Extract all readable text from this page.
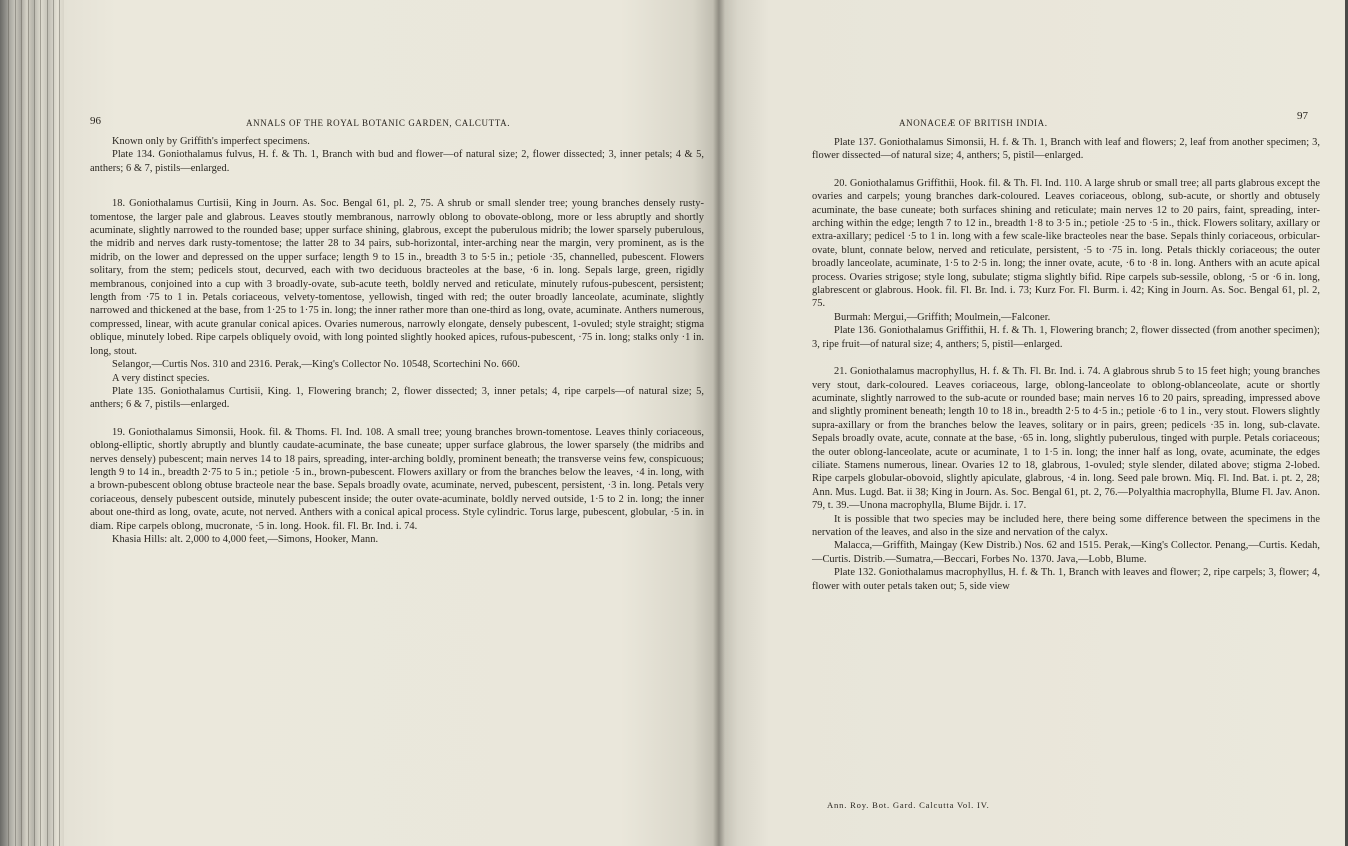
96	ANNALS OF THE ROYAL BOTANIC GARDEN, CALCUTTA.

Known only by Griffith's imperfect specimens.

Plate 134. Goniothalamus fulvus, H. f. & Th. 1, Branch with bud and flower—of natural size; 2, flower dissected; 3, inner petals; 4 & 5, anthers; 6 & 7, pistils—enlarged.

18. Goniothalamus Curtisii, King in Journ. As. Soc. Bengal 61, pl. 2, 75. A shrub or small slender tree; young branches densely rusty-tomentose, the larger pale and glabrous. Leaves stoutly membranous, narrowly oblong to obovate-oblong, more or less abruptly and shortly acuminate, slightly narrowed to the rounded base; upper surface shining, glabrous, except the puberulous midrib; the lower sparsely puberulous, the midrib and nerves dark rusty-tomentose; the latter 28 to 34 pairs, sub-horizontal, inter-arching near the margin, very prominent, as is the midrib, on the lower and depressed on the upper surface; length 9 to 15 in., breadth 3 to 5·5 in.; petiole ·35, channelled, pubescent. Flowers solitary, from the stem; pedicels stout, decurved, each with two deciduous bracteoles at the base, ·6 in. long. Sepals large, green, rigidly membranous, conjoined into a cup with 3 broadly-ovate, sub-acute teeth, boldly nerved and reticulate, minutely rufous-pubescent, persistent; length from ·75 to 1 in. Petals coriaceous, velvety-tomentose, yellowish, tinged with red; the outer broadly lanceolate, acuminate, slightly narrowed and thickened at the base, from 1·25 to 1·75 in. long; the inner rather more than one-third as long, ovate, acuminate. Anthers numerous, compressed, linear, with acute granular conical apices. Ovaries numerous, narrowly elongate, densely pubescent, 1-ovuled; style straight; stigma oblique, minutely lobed. Ripe carpels obliquely ovoid, with long pointed slightly hooked apices, rufous-pubescent, ·75 in. long; stalks only ·1 in. long, stout.

Selangor,—Curtis Nos. 310 and 2316. Perak,—King's Collector No. 10548, Scortechini No. 660.

A very distinct species.

Plate 135. Goniothalamus Curtisii, King. 1, Flowering branch; 2, flower dissected; 3, inner petals; 4, ripe carpels—of natural size; 5, anthers; 6 & 7, pistils—enlarged.

19. Goniothalamus Simonsii, Hook. fil. & Thoms. Fl. Ind. 108. A small tree; young branches brown-tomentose. Leaves thinly coriaceous, oblong-elliptic, shortly abruptly and bluntly caudate-acuminate, the base cuneate; upper surface glabrous, the lower sparsely (the midribs and nerves densely) pubescent; main nerves 14 to 18 pairs, spreading, inter-arching boldly, prominent beneath; the transverse veins few, conspicuous; length 9 to 14 in., breadth 2·75 to 5 in.; petiole ·5 in., brown-pubescent. Flowers axillary or from the branches below the leaves, ·4 in. long, with a brown-pubescent oblong obtuse bracteole near the base. Sepals broadly ovate, acuminate, nerved, pubescent, persistent, ·3 in. long. Petals very coriaceous, densely pubescent outside, minutely pubescent inside; the outer ovate-acuminate, boldly nerved outside, 1·5 to 2 in. long; the inner about one-third as long, ovate, acute, not nerved. Anthers with a conical apical process. Style cylindric. Torus large, pubescent, globular, ·5 in. in diam. Ripe carpels oblong, mucronate, ·5 in. long. Hook. fil. Fl. Br. Ind. i. 74.

Khasia Hills: alt. 2,000 to 4,000 feet,—Simons, Hooker, Mann.

ANONACEÆ OF BRITISH INDIA.
97

Plate 137. Goniothalamus Simonsii, H. f. & Th. 1, Branch with leaf and flowers; 2, leaf from another specimen; 3, flower dissected—of natural size; 4, anthers; 5, pistil—enlarged.

20. Goniothalamus Griffithii, Hook. fil. & Th. Fl. Ind. 110. A large shrub or small tree; all parts glabrous except the ovaries and carpels; young branches dark-coloured. Leaves coriaceous, oblong, sub-acute, or shortly and obtusely acuminate, the base cuneate; both surfaces shining and reticulate; main nerves 12 to 20 pairs, faint, spreading, inter-arching within the edge; length 7 to 12 in., breadth 1·8 to 3·5 in.; petiole ·25 to ·5 in., thick. Flowers solitary, axillary or extra-axillary; pedicel ·5 to 1 in. long with a few scale-like bracteoles near the base. Sepals thinly coriaceous, orbicular-ovate, blunt, connate below, nerved and reticulate, persistent, ·5 to ·75 in. long. Petals thickly coriaceous; the outer broadly lanceolate, acuminate, 1·5 to 2·5 in. long; the inner ovate, acute, ·6 to ·8 in. long. Anthers with an acute apical process. Ovaries strigose; style long, subulate; stigma slightly bifid. Ripe carpels sub-sessile, oblong, ·5 or ·6 in. long, glabrescent or glabrous. Hook. fil. Fl. Br. Ind. i. 73; Kurz For. Fl. Burm. i. 42; King in Journ. As. Soc. Bengal 61, pl. 2, 75.

Burmah: Mergui,—Griffith; Moulmein,—Falconer.

Plate 136. Goniothalamus Griffithii, H. f. & Th. 1, Flowering branch; 2, flower dissected (from another specimen); 3, ripe fruit—of natural size; 4, anthers; 5, pistil—enlarged.

21. Goniothalamus macrophyllus, H. f. & Th. Fl. Br. Ind. i. 74. A glabrous shrub 5 to 15 feet high; young branches very stout, dark-coloured. Leaves coriaceous, large, oblong-lanceolate to oblong-oblanceolate, acute or shortly acuminate, slightly narrowed to the sub-acute or rounded base; main nerves 16 to 20 pairs, spreading, impressed above and slightly prominent beneath; length 10 to 18 in., breadth 2·5 to 4·5 in.; petiole ·6 to 1 in., very stout. Flowers slightly supra-axillary or from the branches below the leaves, solitary or in pairs, green; pedicels ·35 in. long, sub-clavate. Sepals broadly ovate, acute, connate at the base, ·65 in. long, slightly puberulous, tinged with purple. Petals coriaceous; the outer oblong-lanceolate, acute or acuminate, 1 to 1·5 in. long; the inner half as long, ovate, acuminate, the edges ciliate. Stamens numerous, linear. Ovaries 12 to 18, glabrous, 1-ovuled; style slender, dilated above; stigma 2-lobed. Ripe carpels globular-obovoid, slightly apiculate, glabrous, ·4 in. long. Seed pale brown. Miq. Fl. Ind. Bat. i. pt. 2, 28; Ann. Mus. Lugd. Bat. ii 38; King in Journ. As. Soc. Bengal 61, pt. 2, 76.—Polyalthia macrophylla, Blume Fl. Jav. Anon. 79, t. 39.—Unona macrophylla, Blume Bijdr. i. 17.

It is possible that two species may be included here, there being some difference between the specimens in the nervation of the leaves, and also in the size and nervation of the calyx.

Malacca,—Griffith, Maingay (Kew Distrib.) Nos. 62 and 1515. Perak,—King's Collector. Penang,—Curtis. Kedah,—Curtis. Distrib.—Sumatra,—Beccari, Forbes No. 1370. Java,—Lobb, Blume.

Plate 132. Goniothalamus macrophyllus, H. f. & Th. 1, Branch with leaves and flower; 2, ripe carpels; 3, flower; 4, flower with outer petals taken out; 5, side view

Ann. Roy. Bot. Gard. Calcutta Vol. IV.
